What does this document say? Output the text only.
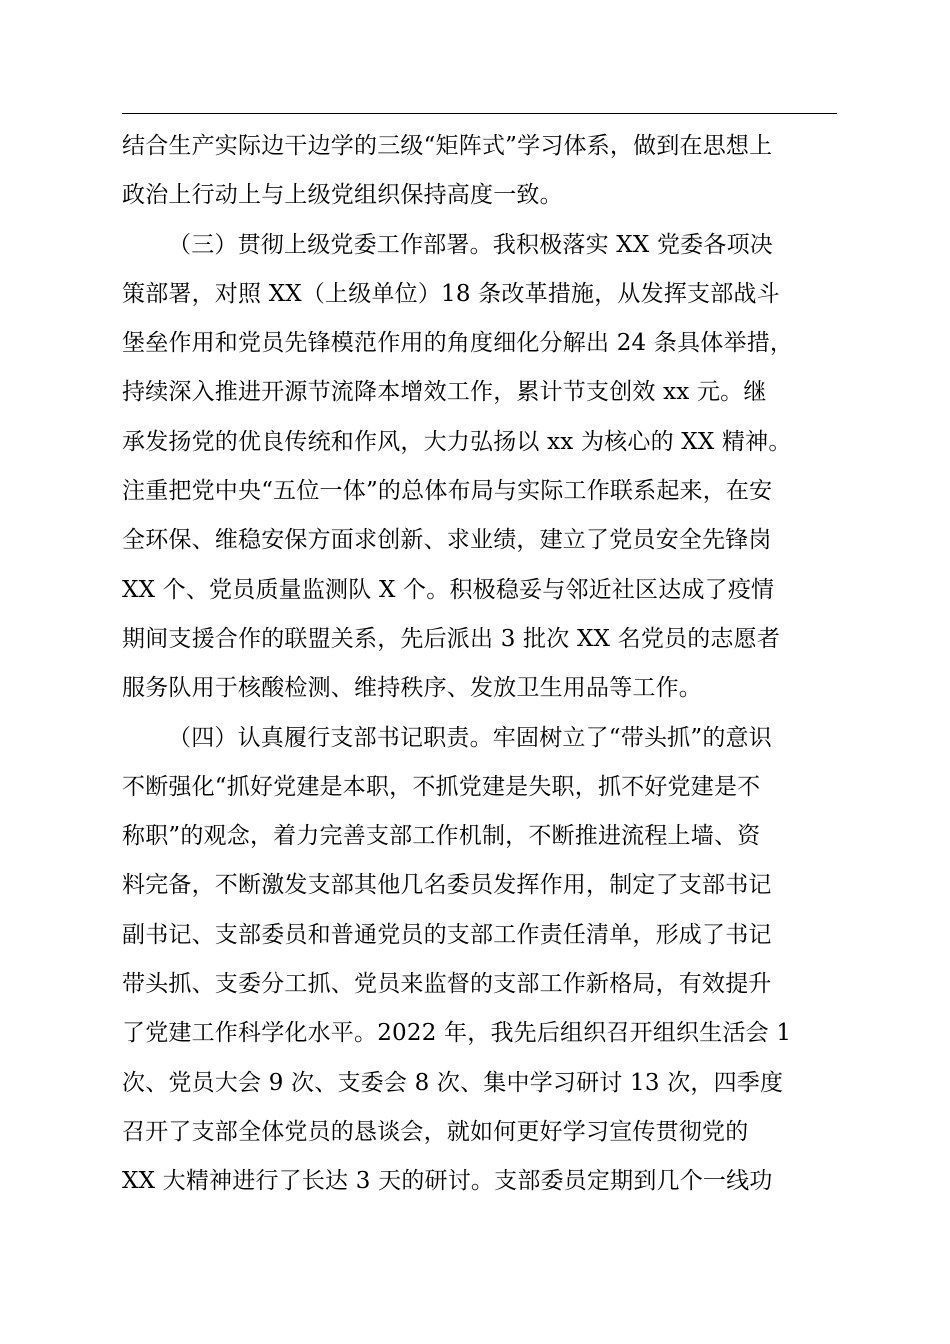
结合生产实际边干边学的三级“矩阵式”学习体系，做到在思想上
政治上行动上与上级党组织保持高度一致。
（三）贯彻上级党委工作部署。我积极落实 XX 党委各项决
策部署，对照 XX（上级单位）18 条改革措施，从发挥支部战斗
堡垒作用和党员先锋模范作用的角度细化分解出 24 条具体举措，
持续深入推进开源节流降本增效工作，累计节支创效 xx 元。继
承发扬党的优良传统和作风，大力弘扬以 xx 为核心的 XX 精神。
注重把党中央“五位一体”的总体布局与实际工作联系起来，在安
全环保、维稳安保方面求创新、求业绩，建立了党员安全先锋岗
XX 个、党员质量监测队 X 个。积极稳妥与邻近社区达成了疫情
期间支援合作的联盟关系，先后派出 3 批次 XX 名党员的志愿者
服务队用于核酸检测、维持秩序、发放卫生用品等工作。
（四）认真履行支部书记职责。牢固树立了“带头抓”的意识
不断强化“抓好党建是本职，不抓党建是失职，抓不好党建是不
称职”的观念，着力完善支部工作机制，不断推进流程上墙、资
料完备，不断激发支部其他几名委员发挥作用，制定了支部书记
副书记、支部委员和普通党员的支部工作责任清单，形成了书记
带头抓、支委分工抓、党员来监督的支部工作新格局，有效提升
了党建工作科学化水平。2022 年，我先后组织召开组织生活会 1
次、党员大会 9 次、支委会 8 次、集中学习研讨 13 次，四季度
召开了支部全体党员的恳谈会，就如何更好学习宣传贯彻党的
XX 大精神进行了长达 3 天的研讨。支部委员定期到几个一线功
